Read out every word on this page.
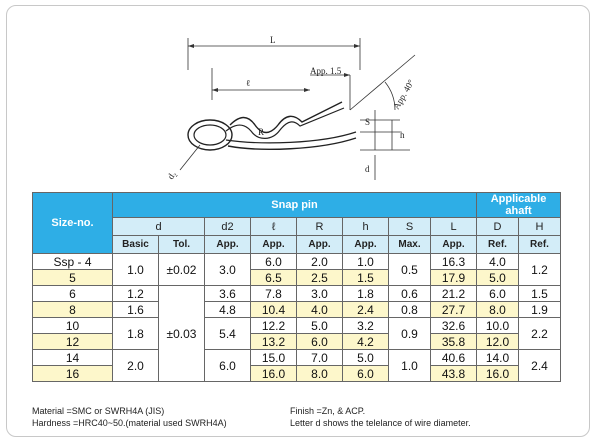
L
ℓ
App. 1.5
App. 40°
R
S
h
d
d₂
Size-no.	Snap pin								Applicable ahaft	
	d		d2	ℓ	R	h	S	L	D	H
	Basic	Tol.	App.	App.	App.	App.	Max.	App.	Ref.	Ref.
Ssp - 4	1.0	±0.02	3.0	6.0	2.0	1.0	0.5	16.3	4.0	1.2
5				6.5	2.5	1.5		17.9	5.0	
6	1.2	±0.03	3.6	7.8	3.0	1.8	0.6	21.2	6.0	1.5
8	1.6		4.8	10.4	4.0	2.4	0.8	27.7	8.0	1.9
10	1.8		5.4	12.2	5.0	3.2	0.9	32.6	10.0	2.2
12				13.2	6.0	4.2		35.8	12.0	
14	2.0		6.0	15.0	7.0	5.0	1.0	40.6	14.0	2.4
16				16.0	8.0	6.0		43.8	16.0	
Material =SMC or SWRH4A (JIS)
Hardness =HRC40~50.(material used SWRH4A)
Finish =Zn, & ACP.
Letter d shows the telelance of wire diameter.
